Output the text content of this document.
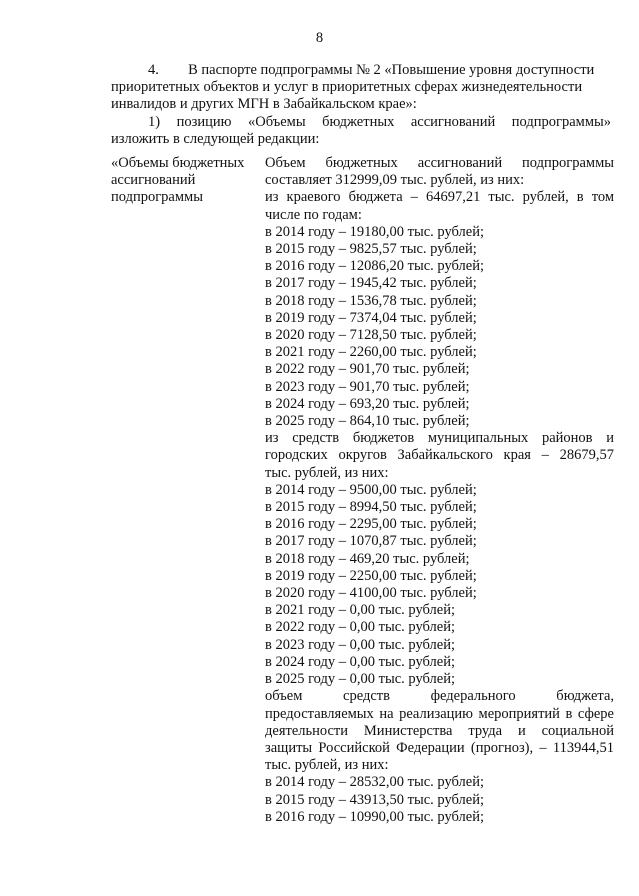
8
4. В паспорте подпрограммы № 2 «Повышение уровня доступности
приоритетных объектов и услуг в приоритетных сферах жизнедеятельности
инвалидов и других МГН в Забайкальском крае»:
1) позицию «Объемы бюджетных ассигнований подпрограммы»
изложить в следующей редакции:
«Объемы бюджетных
ассигнований
подпрограммы
Объем бюджетных ассигнований подпрограммы
составляет 312999,09 тыс. рублей, из них:
из краевого бюджета – 64697,21 тыс. рублей, в том
числе по годам:
в 2014 году – 19180,00 тыс. рублей;
в 2015 году – 9825,57 тыс. рублей;
в 2016 году – 12086,20 тыс. рублей;
в 2017 году – 1945,42 тыс. рублей;
в 2018 году – 1536,78 тыс. рублей;
в 2019 году – 7374,04 тыс. рублей;
в 2020 году – 7128,50 тыс. рублей;
в 2021 году – 2260,00 тыс. рублей;
в 2022 году – 901,70 тыс. рублей;
в 2023 году – 901,70 тыс. рублей;
в 2024 году – 693,20 тыс. рублей;
в 2025 году – 864,10 тыс. рублей;
из средств бюджетов муниципальных районов и
городских округов Забайкальского края – 28679,57
тыс. рублей, из них:
в 2014 году – 9500,00 тыс. рублей;
в 2015 году – 8994,50 тыс. рублей;
в 2016 году – 2295,00 тыс. рублей;
в 2017 году – 1070,87 тыс. рублей;
в 2018 году – 469,20 тыс. рублей;
в 2019 году – 2250,00 тыс. рублей;
в 2020 году – 4100,00 тыс. рублей;
в 2021 году – 0,00 тыс. рублей;
в 2022 году – 0,00 тыс. рублей;
в 2023 году – 0,00 тыс. рублей;
в 2024 году – 0,00 тыс. рублей;
в 2025 году – 0,00 тыс. рублей;
объем средств федерального бюджета,
предоставляемых на реализацию мероприятий в сфере
деятельности Министерства труда и социальной
защиты Российской Федерации (прогноз), – 113944,51
тыс. рублей, из них:
в 2014 году – 28532,00 тыс. рублей;
в 2015 году – 43913,50 тыс. рублей;
в 2016 году – 10990,00 тыс. рублей;
